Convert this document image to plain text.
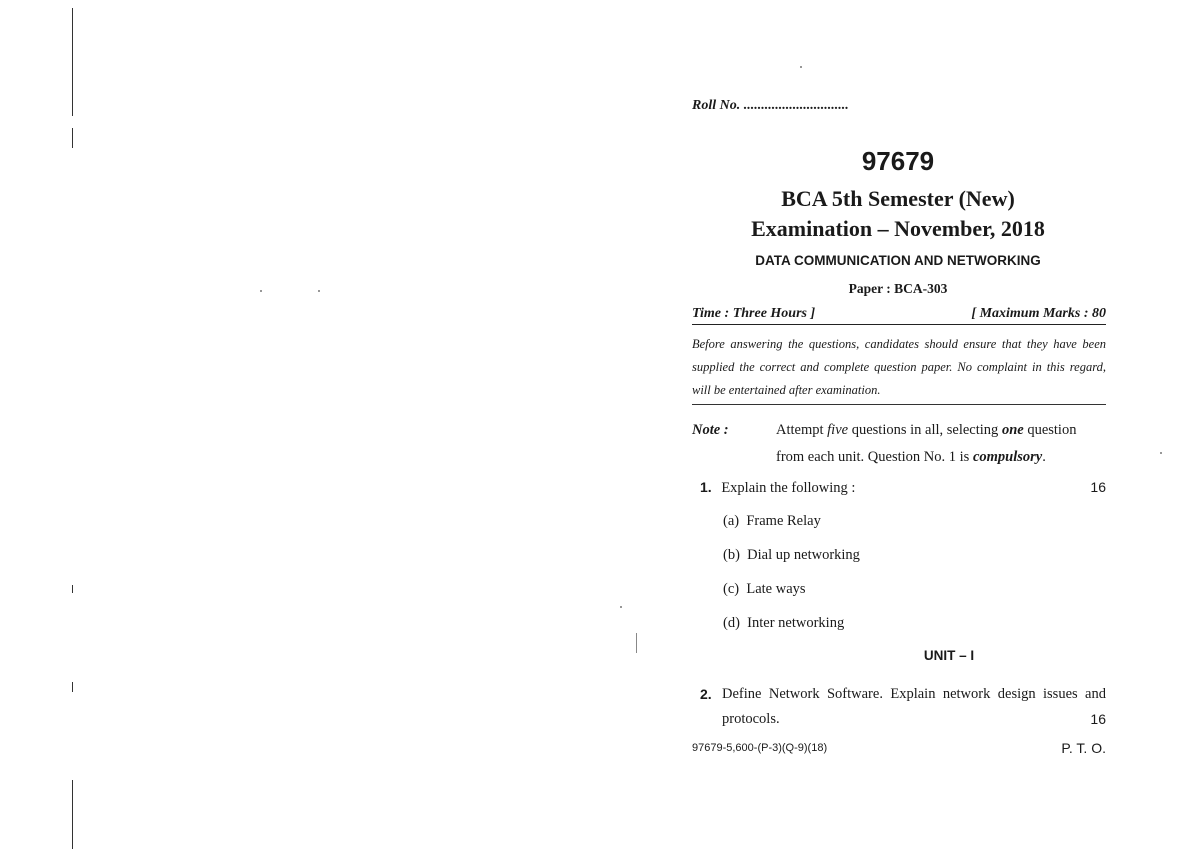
Roll No. ..............................
97679
BCA 5th Semester (New)
Examination – November, 2018
DATA COMMUNICATION AND NETWORKING
Paper : BCA-303
Time : Three Hours ]	[ Maximum Marks : 80
Before answering the questions, candidates should ensure that they have been supplied the correct and complete question paper. No complaint in this regard, will be entertained after examination.
Note :	Attempt five questions in all, selecting one question from each unit. Question No. 1 is compulsory.
1. Explain the following :	16
(a) Frame Relay
(b) Dial up networking
(c) Late ways
(d) Inter networking
UNIT – I
2. Define Network Software. Explain network design issues and protocols.	16
97679-5,600-(P-3)(Q-9)(18)	P. T. O.
